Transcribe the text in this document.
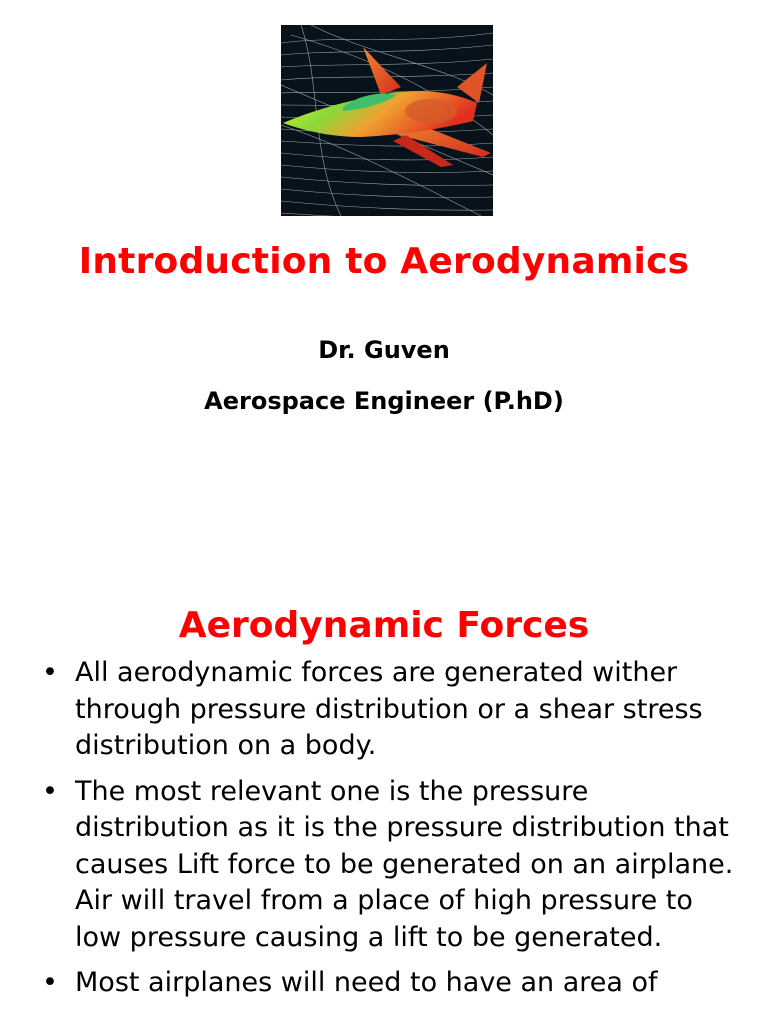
Introduction to Aerodynamics
Dr. Guven
Aerospace Engineer (P.hD)
Aerodynamic Forces
• All aerodynamic forces are generated wither through pressure distribution or a shear stress distribution on a body.
• The most relevant one is the pressure distribution as it is the pressure distribution that causes Lift force to be generated on an airplane. Air will travel from a place of high pressure to low pressure causing a lift to be generated.
• Most airplanes will need to have an area of
